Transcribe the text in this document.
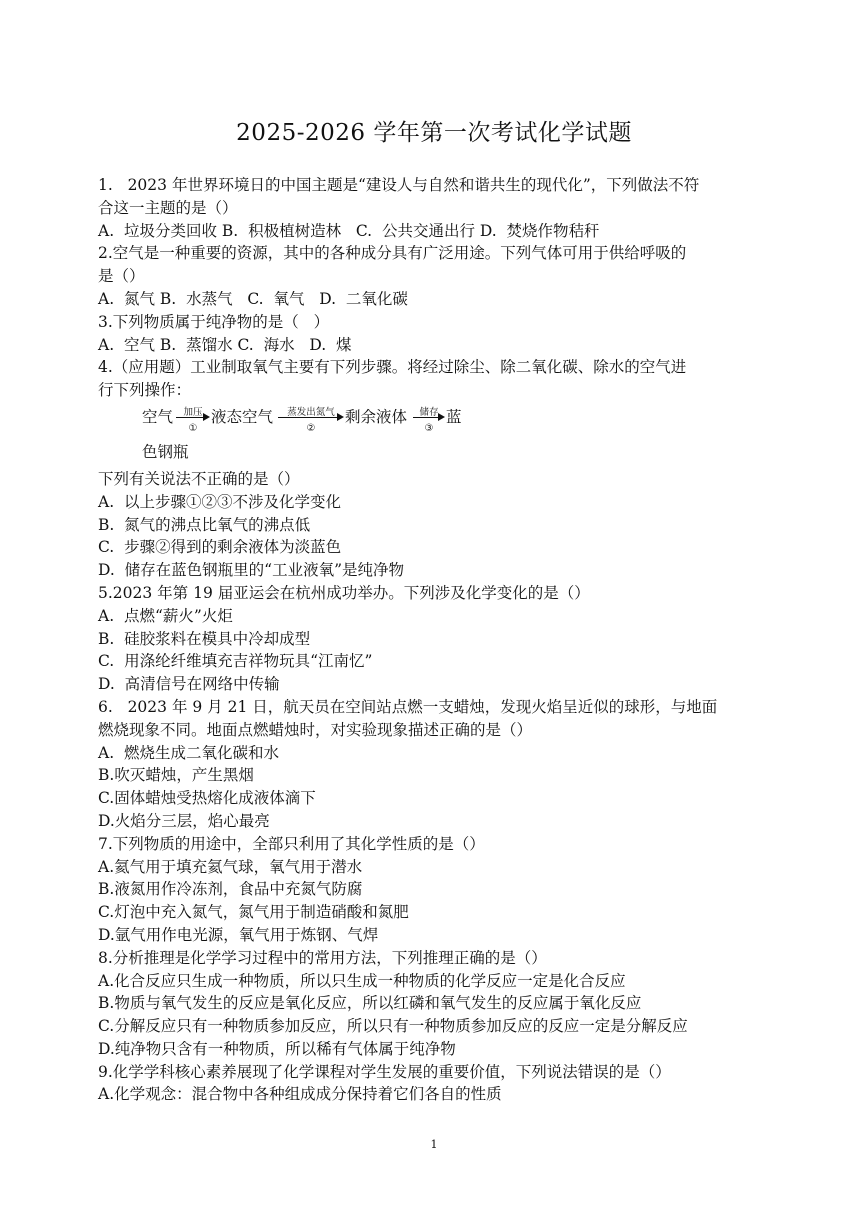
2025-2026 学年第一次考试化学试题

1.   2023 年世界环境日的中国主题是“建设人与自然和谐共生的现代化”，下列做法不符

合这一主题的是（）

A.  垃圾分类回收 B.  积极植树造林   C.  公共交通出行 D.  焚烧作物秸秆

2.空气是一种重要的资源，其中的各种成分具有广泛用途。下列气体可用于供给呼吸的

是（）

A.  氮气 B.  水蒸气   C.  氧气   D.  二氧化碳

3.下列物质属于纯净物的是（   ）

A.  空气 B.  蒸馏水 C.  海水   D.  煤

4.（应用题）工业制取氧气主要有下列步骤。将经过除尘、除二氧化碳、除水的空气进

行下列操作：

空气	加压
①
液态空气	蒸发出氮气
②
剩余液体	储存
③
蓝
色钢瓶

下列有关说法不正确的是（）

A.  以上步骤①②③不涉及化学变化

B.  氮气的沸点比氧气的沸点低

C.  步骤②得到的剩余液体为淡蓝色

D.  储存在蓝色钢瓶里的“工业液氧”是纯净物

5.2023 年第 19 届亚运会在杭州成功举办。下列涉及化学变化的是（）

A.  点燃“薪火”火炬

B.  硅胶浆料在模具中冷却成型

C.  用涤纶纤维填充吉祥物玩具“江南忆”

D.  高清信号在网络中传输

6.   2023 年 9 月 21 日，航天员在空间站点燃一支蜡烛，发现火焰呈近似的球形，与地面

燃烧现象不同。地面点燃蜡烛时，对实验现象描述正确的是（）

A.  燃烧生成二氧化碳和水

B.吹灭蜡烛，产生黑烟

C.固体蜡烛受热熔化成液体滴下

D.火焰分三层，焰心最亮

7.下列物质的用途中，全部只利用了其化学性质的是（）

A.氦气用于填充氦气球，氧气用于潜水

B.液氮用作冷冻剂，食品中充氮气防腐

C.灯泡中充入氮气，氮气用于制造硝酸和氮肥

D.氩气用作电光源，氧气用于炼钢、气焊

8.分析推理是化学学习过程中的常用方法，下列推理正确的是（）

A.化合反应只生成一种物质，所以只生成一种物质的化学反应一定是化合反应

B.物质与氧气发生的反应是氧化反应，所以红磷和氧气发生的反应属于氧化反应

C.分解反应只有一种物质参加反应，所以只有一种物质参加反应的反应一定是分解反应

D.纯净物只含有一种物质，所以稀有气体属于纯净物

9.化学学科核心素养展现了化学课程对学生发展的重要价值，下列说法错误的是（）

A.化学观念：混合物中各种组成成分保持着它们各自的性质

1
